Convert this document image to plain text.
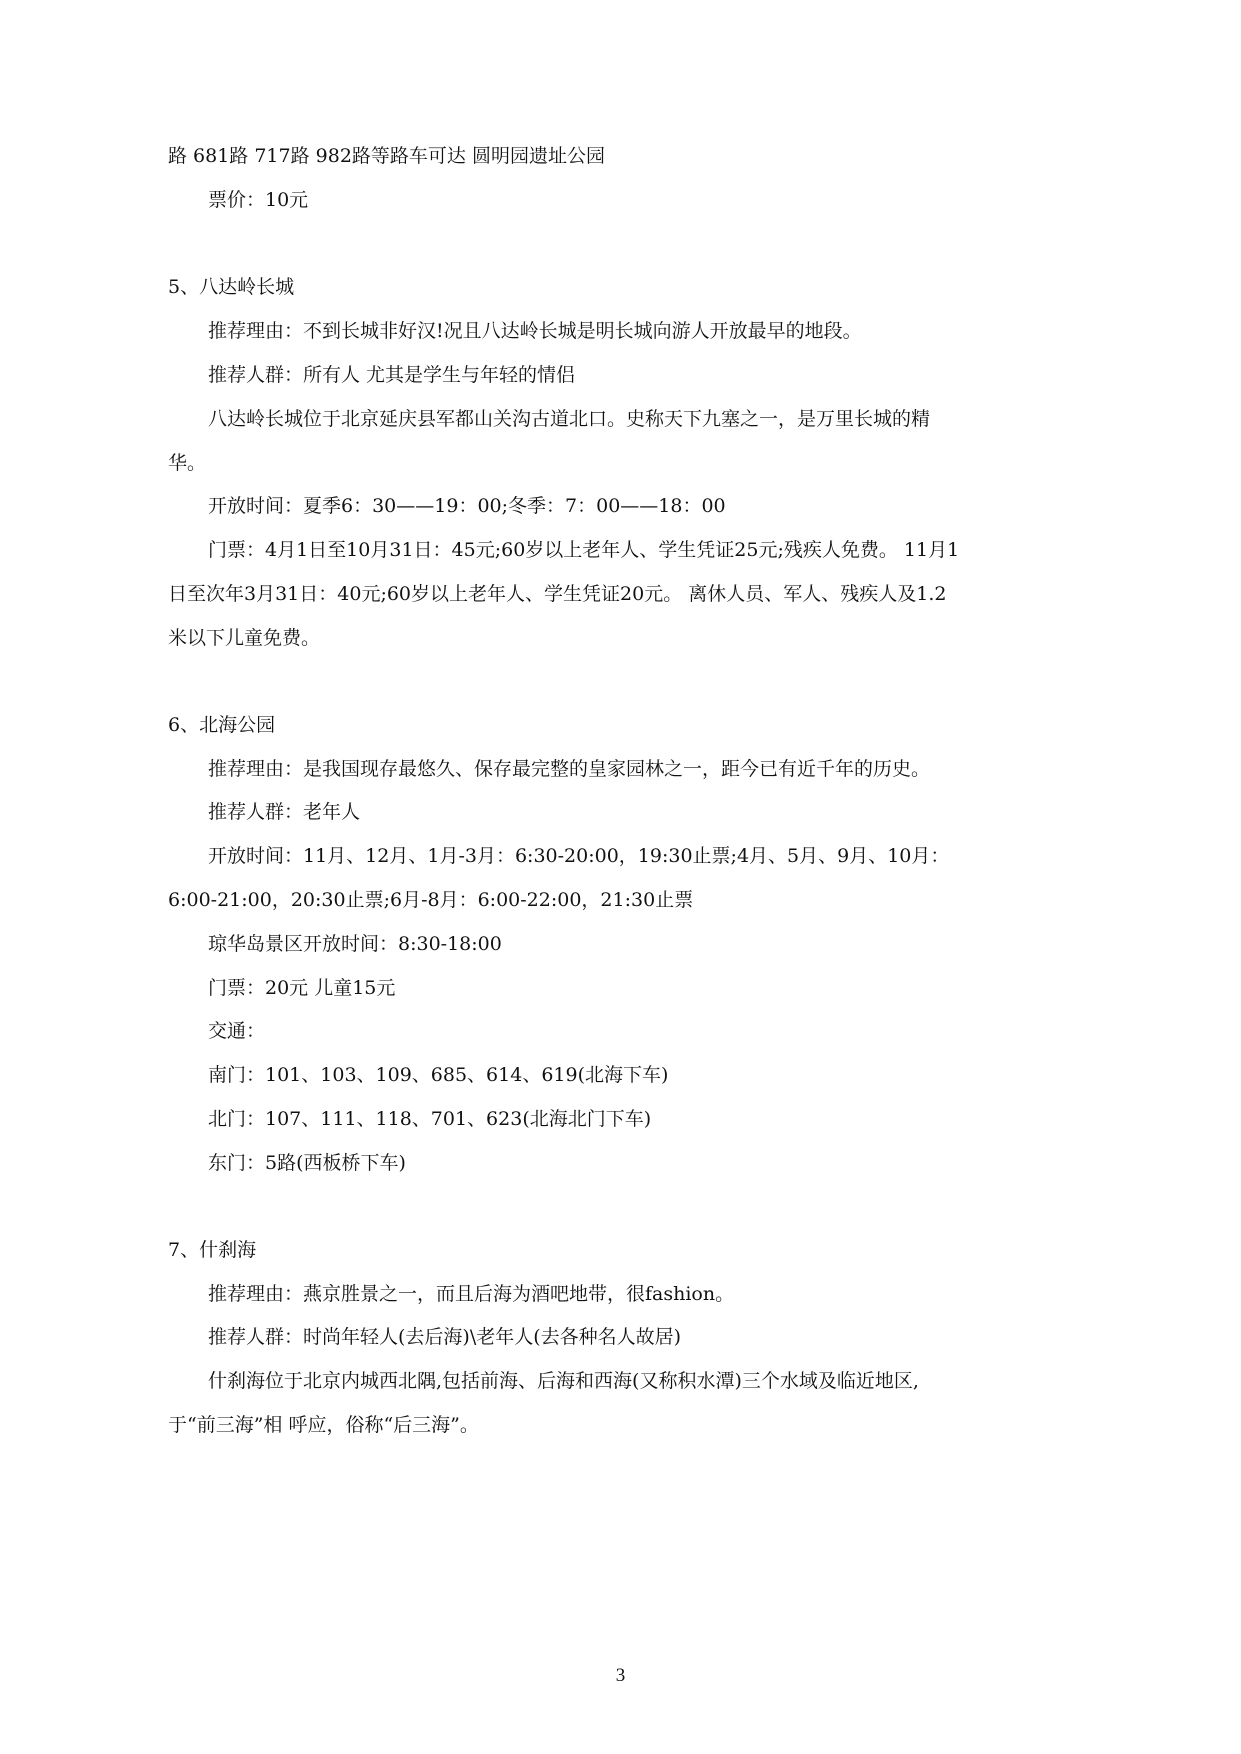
路 681路 717路 982路等路车可达 圆明园遗址公园
票价：10元
5、八达岭长城
推荐理由：不到长城非好汉!况且八达岭长城是明长城向游人开放最早的地段。
推荐人群：所有人 尤其是学生与年轻的情侣
八达岭长城位于北京延庆县军都山关沟古道北口。史称天下九塞之一，是万里长城的精
华。
开放时间：夏季6：30——19：00;冬季：7：00——18：00
门票：4月1日至10月31日：45元;60岁以上老年人、学生凭证25元;残疾人免费。 11月1
日至次年3月31日：40元;60岁以上老年人、学生凭证20元。 离休人员、军人、残疾人及1.2
米以下儿童免费。
6、北海公园
推荐理由：是我国现存最悠久、保存最完整的皇家园林之一，距今已有近千年的历史。
推荐人群：老年人
开放时间：11月、12月、1月-3月：6:30-20:00，19:30止票;4月、5月、9月、10月：
6:00-21:00，20:30止票;6月-8月：6:00-22:00，21:30止票
琼华岛景区开放时间：8:30-18:00
门票：20元 儿童15元
交通：
南门：101、103、109、685、614、619(北海下车)
北门：107、111、118、701、623(北海北门下车)
东门：5路(西板桥下车)
7、什刹海
推荐理由：燕京胜景之一，而且后海为酒吧地带，很fashion。
推荐人群：时尚年轻人(去后海)\老年人(去各种名人故居)
什刹海位于北京内城西北隅,包括前海、后海和西海(又称积水潭)三个水域及临近地区,
于“前三海”相 呼应，俗称“后三海”。
3
